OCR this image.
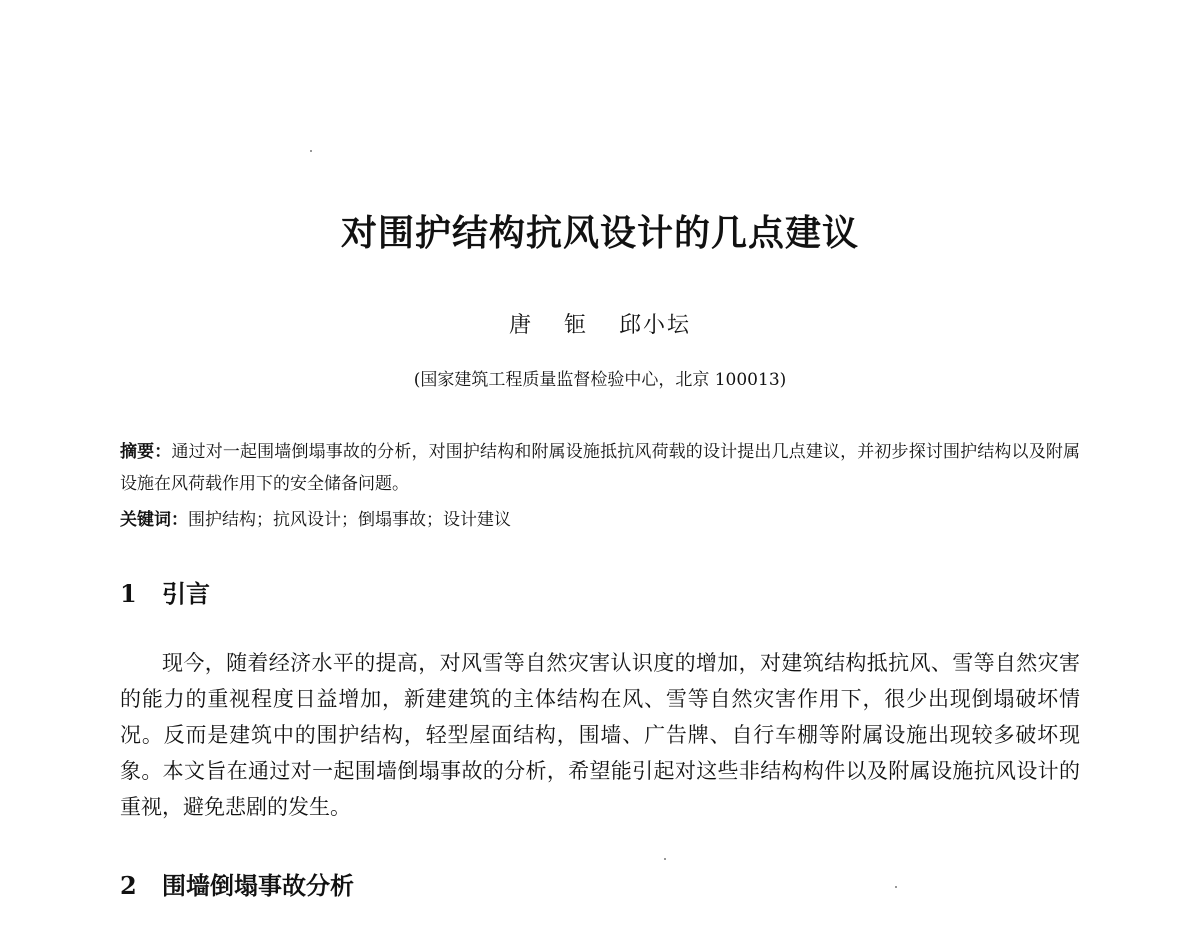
对围护结构抗风设计的几点建议
唐 钷 邱小坛
(国家建筑工程质量监督检验中心，北京 100013)
摘要：通过对一起围墙倒塌事故的分析，对围护结构和附属设施抵抗风荷载的设计提出几点建议，并初步探讨围护结构以及附属设施在风荷载作用下的安全储备问题。
关键词：围护结构；抗风设计；倒塌事故；设计建议
1 引言

现今，随着经济水平的提高，对风雪等自然灾害认识度的增加，对建筑结构抵抗风、雪等自然灾害的能力的重视程度日益增加，新建建筑的主体结构在风、雪等自然灾害作用下，很少出现倒塌破坏情况。反而是建筑中的围护结构，轻型屋面结构，围墙、广告牌、自行车棚等附属设施出现较多破坏现象。本文旨在通过对一起围墙倒塌事故的分析，希望能引起对这些非结构构件以及附属设施抗风设计的重视，避免悲剧的发生。

2 围墙倒塌事故分析
